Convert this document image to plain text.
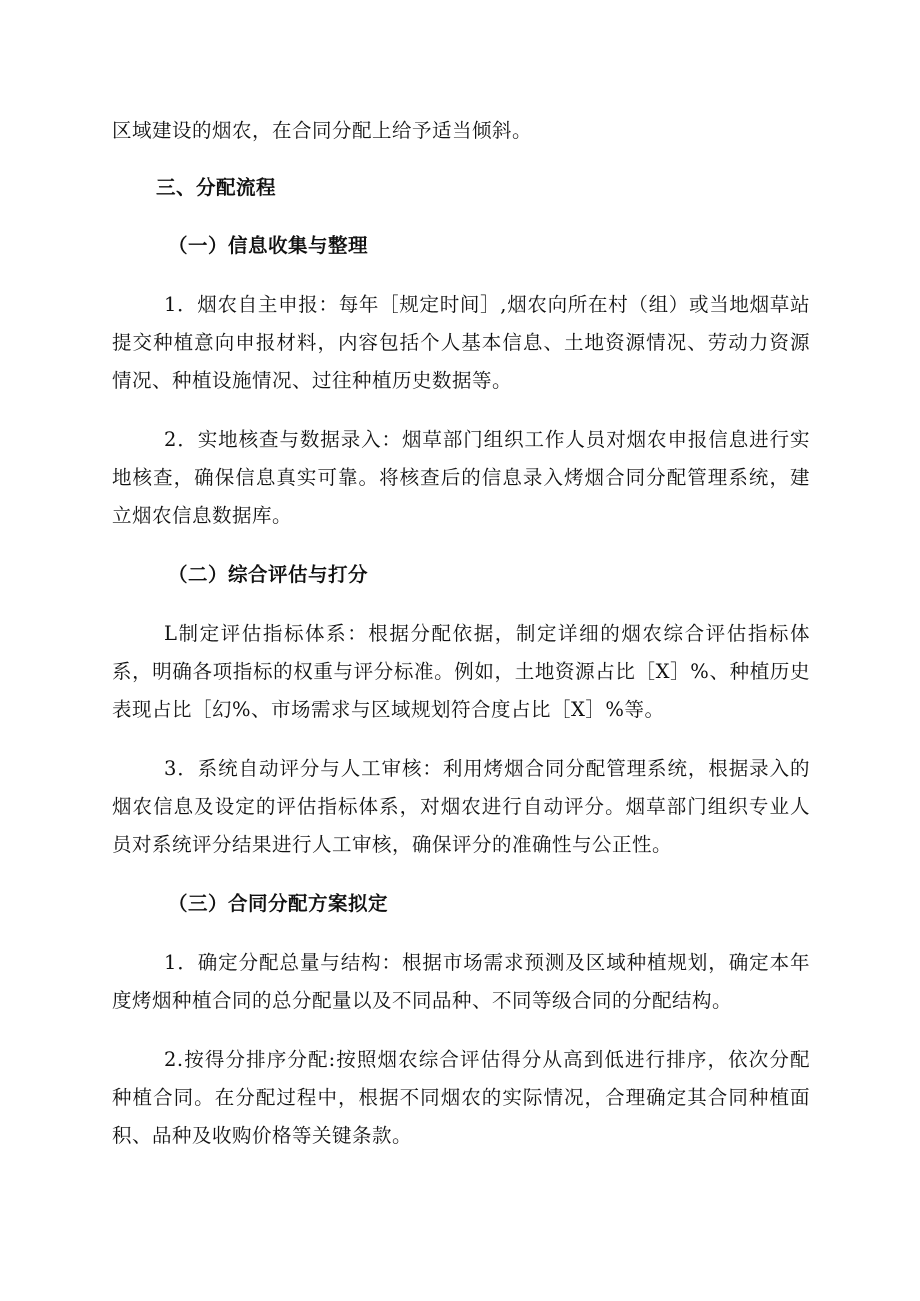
区域建设的烟农，在合同分配上给予适当倾斜。

三、分配流程

（一）信息收集与整理

1．烟农自主申报：每年［规定时间］,烟农向所在村（组）或当地烟草站提交种植意向申报材料，内容包括个人基本信息、土地资源情况、劳动力资源情况、种植设施情况、过往种植历史数据等。

2．实地核查与数据录入：烟草部门组织工作人员对烟农申报信息进行实地核查，确保信息真实可靠。将核查后的信息录入烤烟合同分配管理系统，建立烟农信息数据库。

（二）综合评估与打分

L制定评估指标体系：根据分配依据，制定详细的烟农综合评估指标体系，明确各项指标的权重与评分标准。例如，土地资源占比［X］%、种植历史表现占比［幻%、市场需求与区域规划符合度占比［X］%等。

3．系统自动评分与人工审核：利用烤烟合同分配管理系统，根据录入的烟农信息及设定的评估指标体系，对烟农进行自动评分。烟草部门组织专业人员对系统评分结果进行人工审核，确保评分的准确性与公正性。

（三）合同分配方案拟定

1．确定分配总量与结构：根据市场需求预测及区域种植规划，确定本年度烤烟种植合同的总分配量以及不同品种、不同等级合同的分配结构。

2.按得分排序分配:按照烟农综合评估得分从高到低进行排序，依次分配种植合同。在分配过程中，根据不同烟农的实际情况，合理确定其合同种植面积、品种及收购价格等关键条款。
